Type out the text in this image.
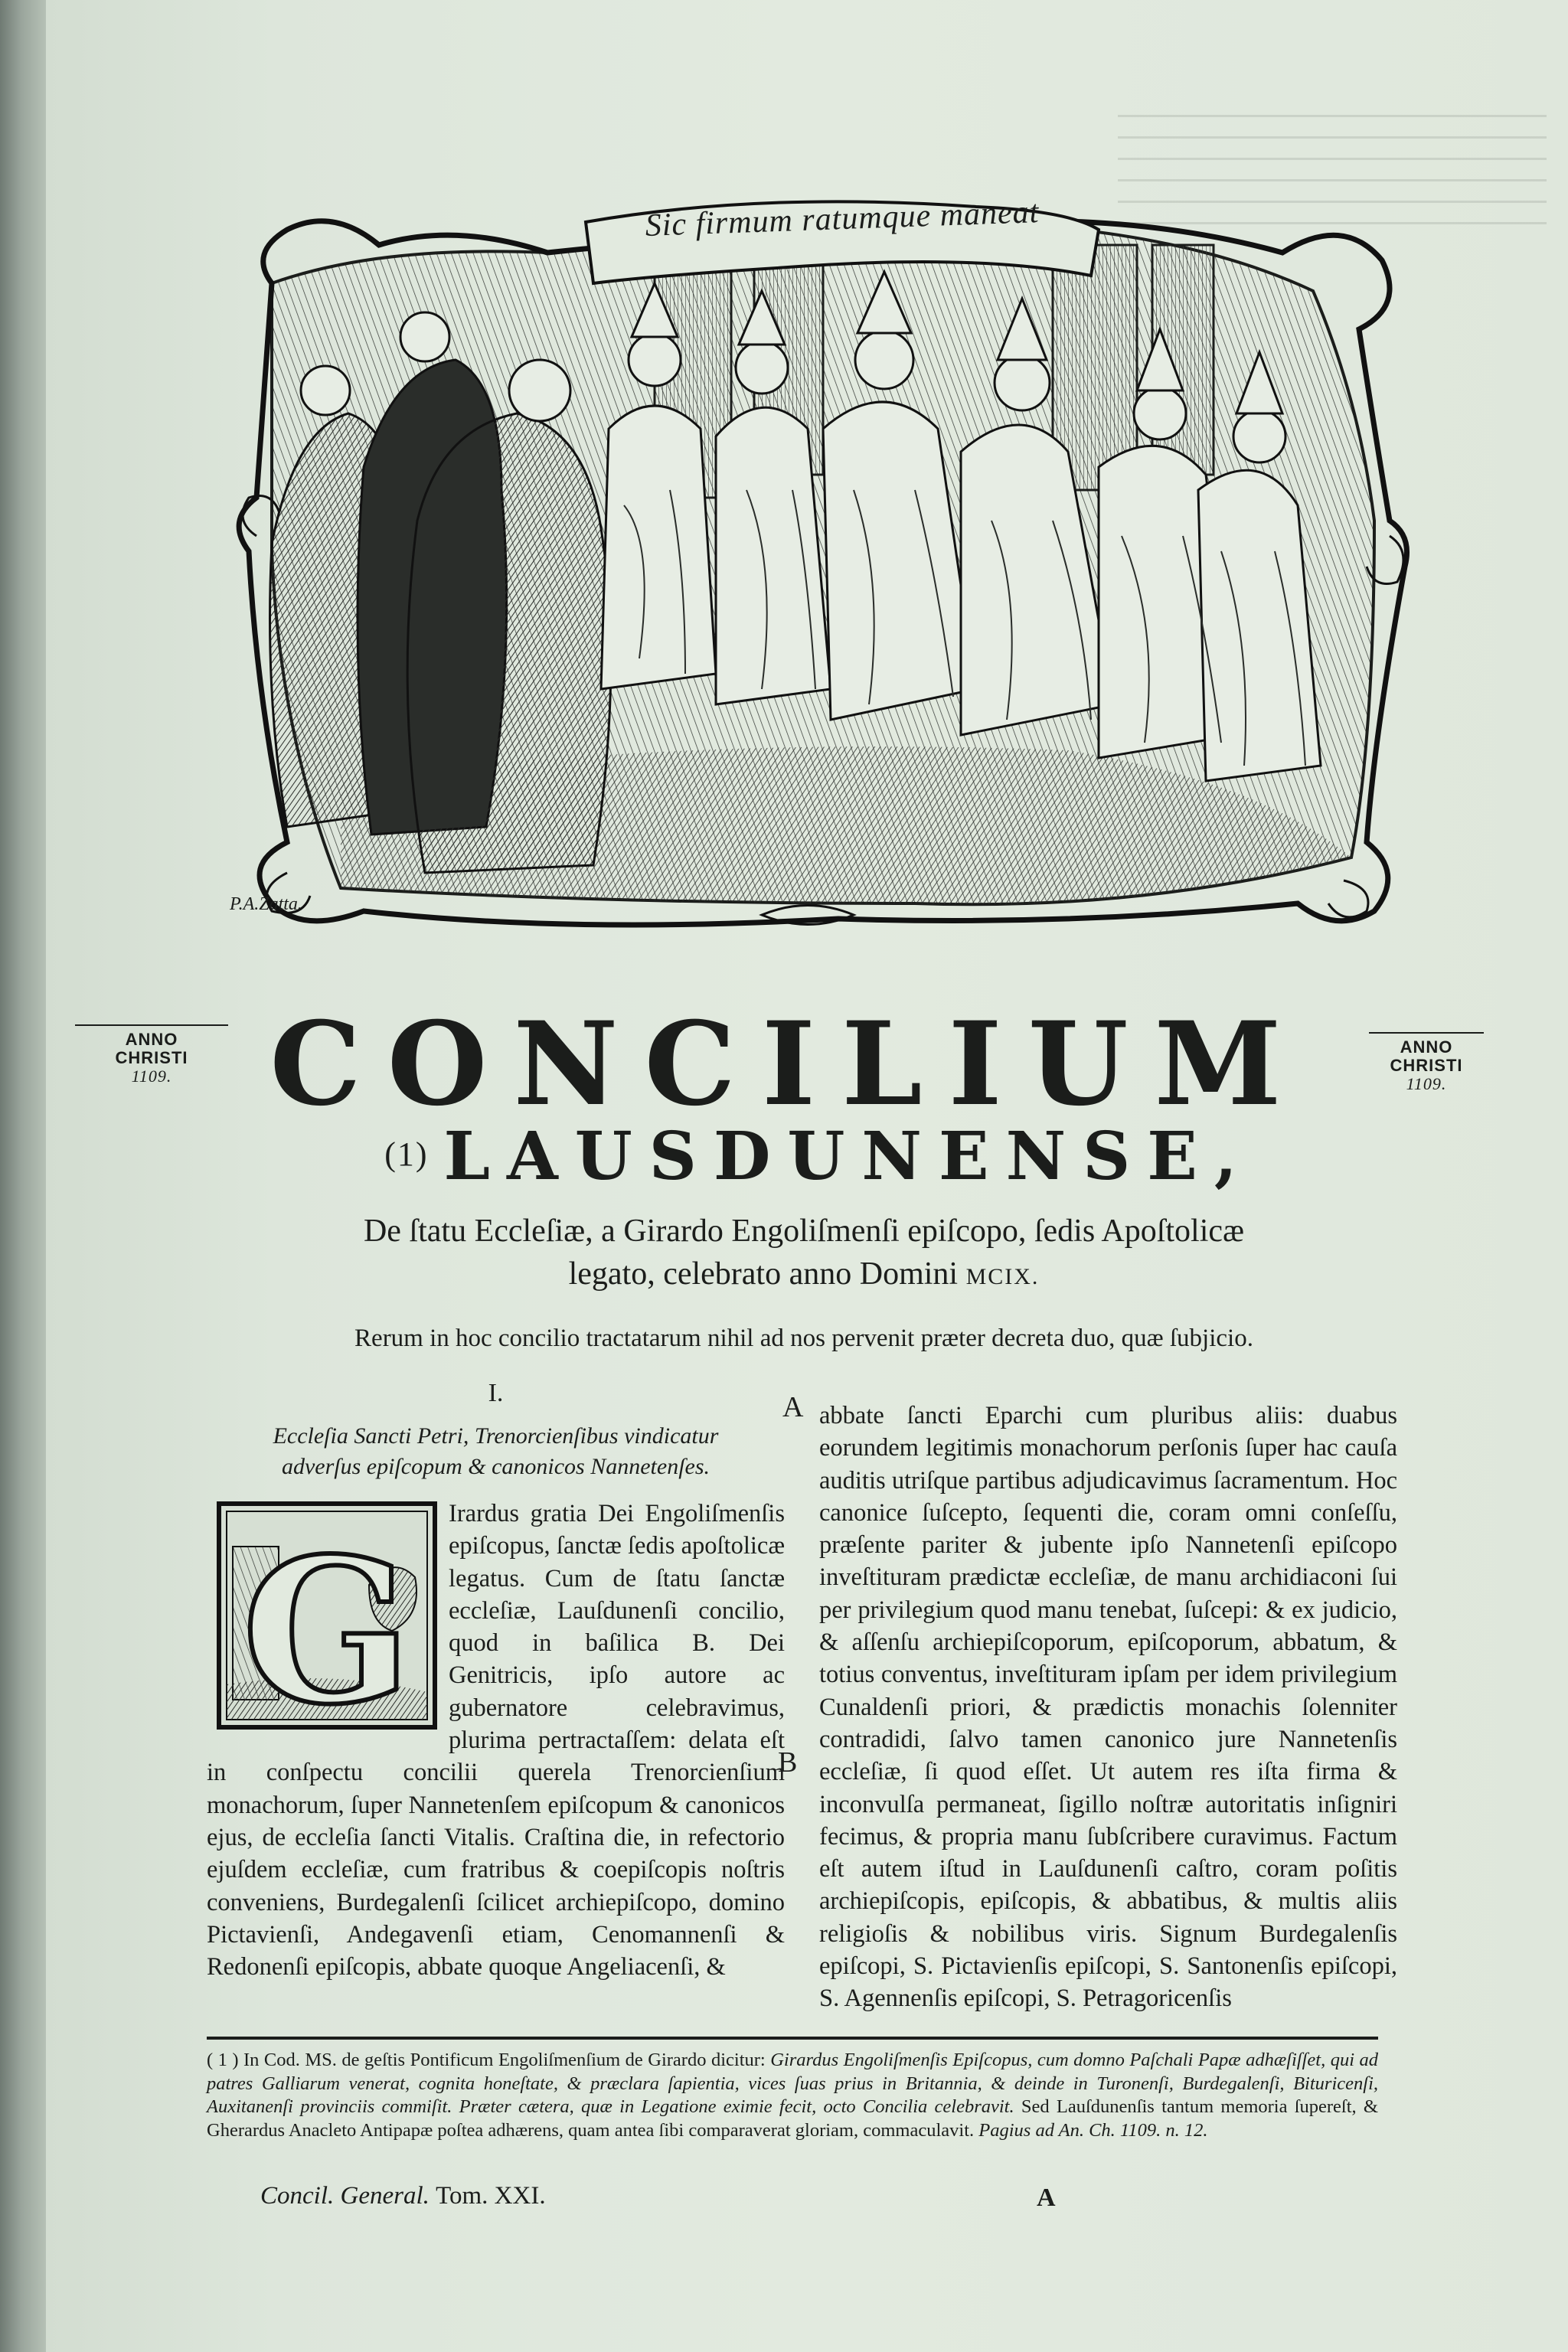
Sic firmum ratumque maneat
P.A.Zatta.
ANNO
CHRISTI
1109.
ANNO
CHRISTI
1109.
CONCILIUM
$^{(1)}$ LAUSDUNENSE,
De ſtatu Eccleſiæ, a Girardo Engoliſmenſi epiſcopo, ſedis Apoſtolicæ
legato, celebrato anno Domini MCIX.
Rerum in hoc concilio tractatarum nihil ad nos pervenit præter decreta duo, quæ ſubjicio.
A
B
I.
Eccleſia Sancti Petri, Trenorcienſibus vindicatur
adverſus epiſcopum & canonicos Nannetenſes.
G

Irardus gratia Dei Engoliſmenſis epiſcopus, ſanctæ ſedis apoſtolicæ legatus. Cum de ſtatu ſanctæ eccleſiæ, Lauſdunenſi concilio, quod in baſilica B. Dei Genitricis, ipſo autore ac gubernatore celebravimus, plurima pertractaſſem: delata eſt in conſpectu concilii querela Trenorcienſium monachorum, ſuper Nannetenſem epiſcopum & canonicos ejus, de eccleſia ſancti Vitalis. Craſtina die, in refectorio ejuſdem eccleſiæ, cum fratribus & coepiſcopis noſtris conveniens, Burdegalenſi ſcilicet archiepiſcopo, domino Pictavienſi, Andegavenſi etiam, Cenomannenſi & Redonenſi epiſcopis, abbate quoque Angeliacenſi, &

abbate ſancti Eparchi cum pluribus aliis: duabus eorundem legitimis monachorum perſonis ſuper hac cauſa auditis utriſque partibus adjudicavimus ſacramentum. Hoc canonice ſuſcepto, ſequenti die, coram omni conſeſſu, præſente pariter & jubente ipſo Nannetenſi epiſcopo inveſtituram prædictæ eccleſiæ, de manu archidiaconi ſui per privilegium quod manu tenebat, ſuſcepi: & ex judicio, & aſſenſu archiepiſcoporum, epiſcoporum, abbatum, & totius conventus, inveſtituram ipſam per idem privilegium Cunaldenſi priori, & prædictis monachis ſolenniter contradidi, ſalvo tamen canonico jure Nannetenſis eccleſiæ, ſi quod eſſet. Ut autem res iſta firma & inconvulſa permaneat, ſigillo noſtræ autoritatis inſigniri fecimus, & propria manu ſubſcribere curavimus. Factum eſt autem iſtud in Lauſdunenſi caſtro, coram poſitis archiepiſcopis, epiſcopis, & abbatibus, & multis aliis religioſis & nobilibus viris. Signum Burdegalenſis epiſcopi, S. Pictavienſis epiſcopi, S. Santonenſis epiſcopi, S. Agennenſis epiſcopi, S. Petragoricenſis

( 1 ) In Cod. MS. de geſtis Pontificum Engoliſmenſium de Girardo dicitur: Girardus Engoliſmenſis Epiſcopus, cum domno Paſchali Papæ adhæſiſſet, qui ad patres Galliarum venerat, cognita honeſtate, & præclara ſapientia, vices ſuas prius in Britannia, & deinde in Turonenſi, Burdegalenſi, Bituricenſi, Auxitanenſi provinciis commiſit. Præter cætera, quæ in Legatione eximie fecit, octo Concilia celebravit. Sed Lauſdunenſis tantum memoria ſupereſt, & Gherardus Anacleto Antipapæ poſtea adhærens, quam antea ſibi comparaverat gloriam, commaculavit. Pagius ad An. Ch. 1109. n. 12.
Concil. General. Tom. XXI.	A
